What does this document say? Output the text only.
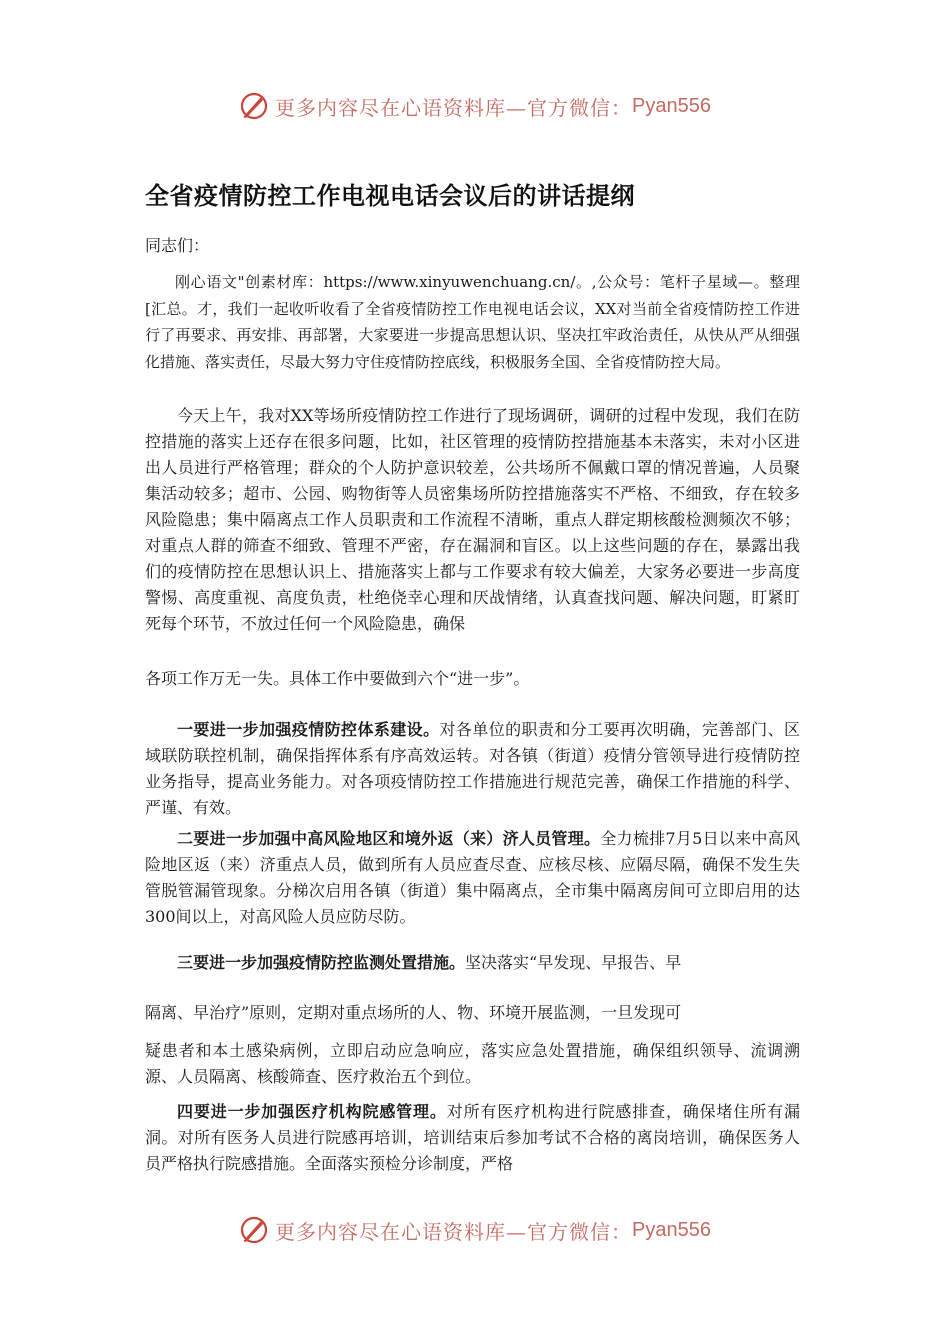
更多内容尽在心语资料库—官方微信： Pyan556
全省疫情防控工作电视电话会议后的讲话提纲
同志们：
刚心语文"创素材库：https://www.xinyuwenchuang.cn/。,公众号：笔杆子星域—。整理[汇总。才，我们一起收听收看了全省疫情防控工作电视电话会议，XX对当前全省疫情防控工作进行了再要求、再安排、再部署，大家要进一步提高思想认识、坚决扛牢政治责任，从快从严从细强化措施、落实责任，尽最大努力守住疫情防控底线，积极服务全国、全省疫情防控大局。
今天上午，我对XX等场所疫情防控工作进行了现场调研，调研的过程中发现，我们在防控措施的落实上还存在很多问题，比如，社区管理的疫情防控措施基本未落实，未对小区进出人员进行严格管理；群众的个人防护意识较差，公共场所不佩戴口罩的情况普遍，人员聚集活动较多；超市、公园、购物街等人员密集场所防控措施落实不严格、不细致，存在较多风险隐患；集中隔离点工作人员职责和工作流程不清晰，重点人群定期核酸检测频次不够；对重点人群的筛查不细致、管理不严密，存在漏洞和盲区。以上这些问题的存在，暴露出我们的疫情防控在思想认识上、措施落实上都与工作要求有较大偏差，大家务必要进一步高度警惕、高度重视、高度负责，杜绝侥幸心理和厌战情绪，认真查找问题、解决问题，盯紧盯死每个环节，不放过任何一个风险隐患，确保
各项工作万无一失。具体工作中要做到六个“进一步”。
一要进一步加强疫情防控体系建设。对各单位的职责和分工要再次明确，完善部门、区域联防联控机制，确保指挥体系有序高效运转。对各镇（街道）疫情分管领导进行疫情防控业务指导，提高业务能力。对各项疫情防控工作措施进行规范完善，确保工作措施的科学、严谨、有效。
二要进一步加强中高风险地区和境外返（来）济人员管理。全力梳排7月5日以来中高风险地区返（来）济重点人员，做到所有人员应查尽查、应核尽核、应隔尽隔，确保不发生失管脱管漏管现象。分梯次启用各镇（街道）集中隔离点，全市集中隔离房间可立即启用的达300间以上，对高风险人员应防尽防。
三要进一步加强疫情防控监测处置措施。坚决落实“早发现、早报告、早
隔离、早治疗”原则，定期对重点场所的人、物、环境开展监测，一旦发现可
疑患者和本土感染病例，立即启动应急响应，落实应急处置措施，确保组织领导、流调溯源、人员隔离、核酸筛查、医疗救治五个到位。
四要进一步加强医疗机构院感管理。对所有医疗机构进行院感排查，确保堵住所有漏洞。对所有医务人员进行院感再培训，培训结束后参加考试不合格的离岗培训，确保医务人员严格执行院感措施。全面落实预检分诊制度，严格
更多内容尽在心语资料库—官方微信： Pyan556
